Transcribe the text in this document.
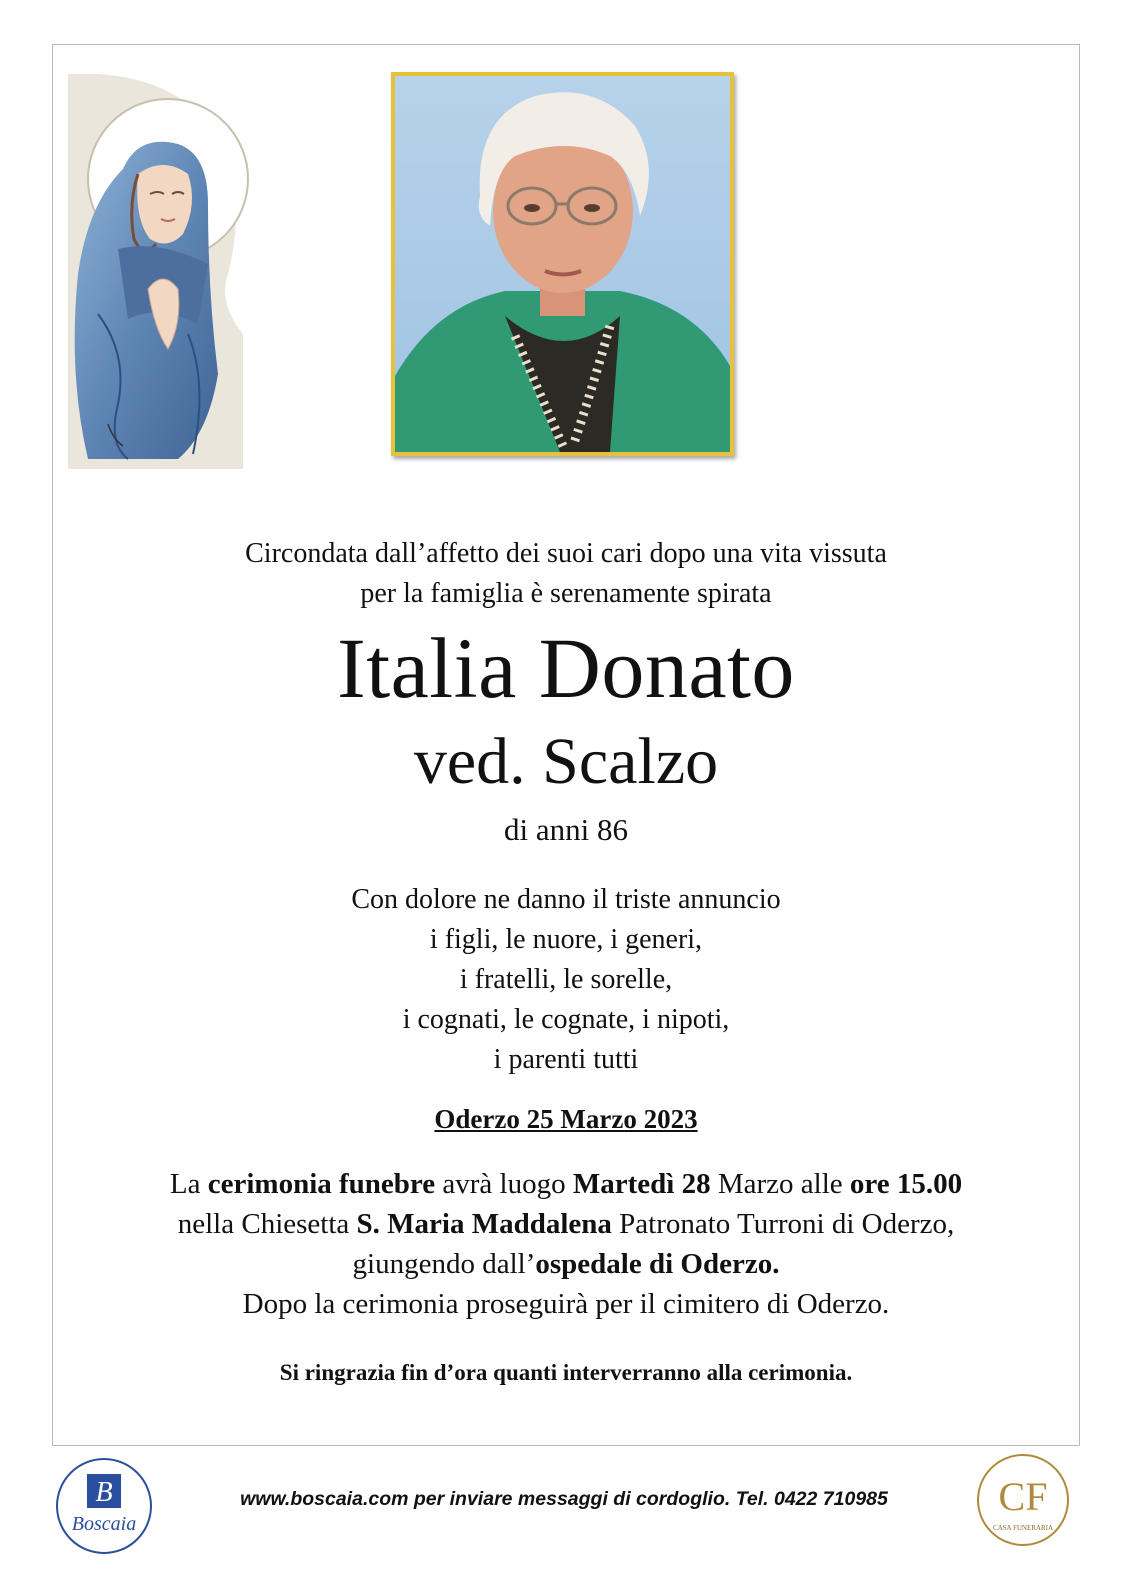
Circondata dall’affetto dei suoi cari dopo una vita vissuta
per la famiglia è serenamente spirata
Italia Donato
ved. Scalzo
di anni 86
Con dolore ne danno il triste annuncio
i figli, le nuore, i generi,
i fratelli, le sorelle,
i cognati, le cognate, i nipoti,
i parenti tutti
Oderzo 25 Marzo 2023
La cerimonia funebre avrà luogo Martedì 28 Marzo alle ore 15.00
nella Chiesetta S. Maria Maddalena Patronato Turroni di Oderzo,
giungendo dall’ospedale di Oderzo.
Dopo la cerimonia proseguirà per il cimitero di Oderzo.
Si ringrazia fin d’ora quanti interverranno alla cerimonia.
B
Boscaia

www.boscaia.com per inviare messaggi di cordoglio. Tel. 0422 710985	CF
CASA FUNERARIA
